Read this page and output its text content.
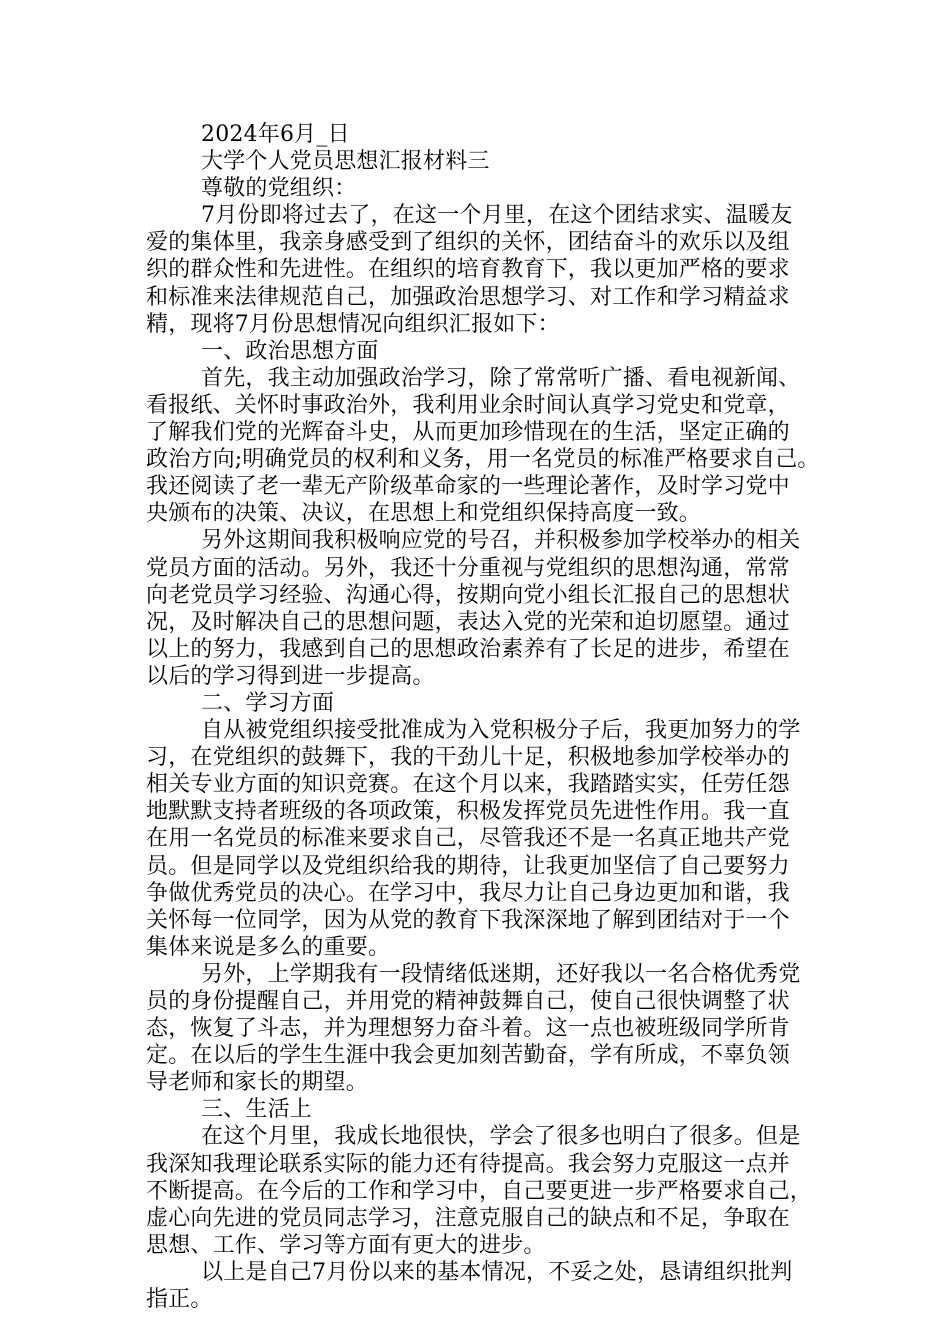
2024年6月_日
大学个人党员思想汇报材料三
尊敬的党组织：
7月份即将过去了，在这一个月里，在这个团结求实、温暖友
爱的集体里，我亲身感受到了组织的关怀，团结奋斗的欢乐以及组
织的群众性和先进性。在组织的培育教育下，我以更加严格的要求
和标准来法律规范自己，加强政治思想学习、对工作和学习精益求
精，现将7月份思想情况向组织汇报如下：
一、政治思想方面
首先，我主动加强政治学习，除了常常听广播、看电视新闻、
看报纸、关怀时事政治外，我利用业余时间认真学习党史和党章，
了解我们党的光辉奋斗史，从而更加珍惜现在的生活，坚定正确的
政治方向;明确党员的权利和义务，用一名党员的标准严格要求自己。
我还阅读了老一辈无产阶级革命家的一些理论著作，及时学习党中
央颁布的决策、决议，在思想上和党组织保持高度一致。
另外这期间我积极响应党的号召，并积极参加学校举办的相关
党员方面的活动。另外，我还十分重视与党组织的思想沟通，常常
向老党员学习经验、沟通心得，按期向党小组长汇报自己的思想状
况，及时解决自己的思想问题，表达入党的光荣和迫切愿望。通过
以上的努力，我感到自己的思想政治素养有了长足的进步，希望在
以后的学习得到进一步提高。
二、学习方面
自从被党组织接受批准成为入党积极分子后，我更加努力的学
习，在党组织的鼓舞下，我的干劲儿十足，积极地参加学校举办的
相关专业方面的知识竞赛。在这个月以来，我踏踏实实，任劳任怨
地默默支持者班级的各项政策，积极发挥党员先进性作用。我一直
在用一名党员的标准来要求自己，尽管我还不是一名真正地共产党
员。但是同学以及党组织给我的期待，让我更加坚信了自己要努力
争做优秀党员的决心。在学习中，我尽力让自己身边更加和谐，我
关怀每一位同学，因为从党的教育下我深深地了解到团结对于一个
集体来说是多么的重要。
另外，上学期我有一段情绪低迷期，还好我以一名合格优秀党
员的身份提醒自己，并用党的精神鼓舞自己，使自己很快调整了状
态，恢复了斗志，并为理想努力奋斗着。这一点也被班级同学所肯
定。在以后的学生生涯中我会更加刻苦勤奋，学有所成，不辜负领
导老师和家长的期望。
三、生活上
在这个月里，我成长地很快，学会了很多也明白了很多。但是
我深知我理论联系实际的能力还有待提高。我会努力克服这一点并
不断提高。在今后的工作和学习中，自己要更进一步严格要求自己，
虚心向先进的党员同志学习，注意克服自己的缺点和不足，争取在
思想、工作、学习等方面有更大的进步。
以上是自己7月份以来的基本情况，不妥之处，恳请组织批判
指正。
